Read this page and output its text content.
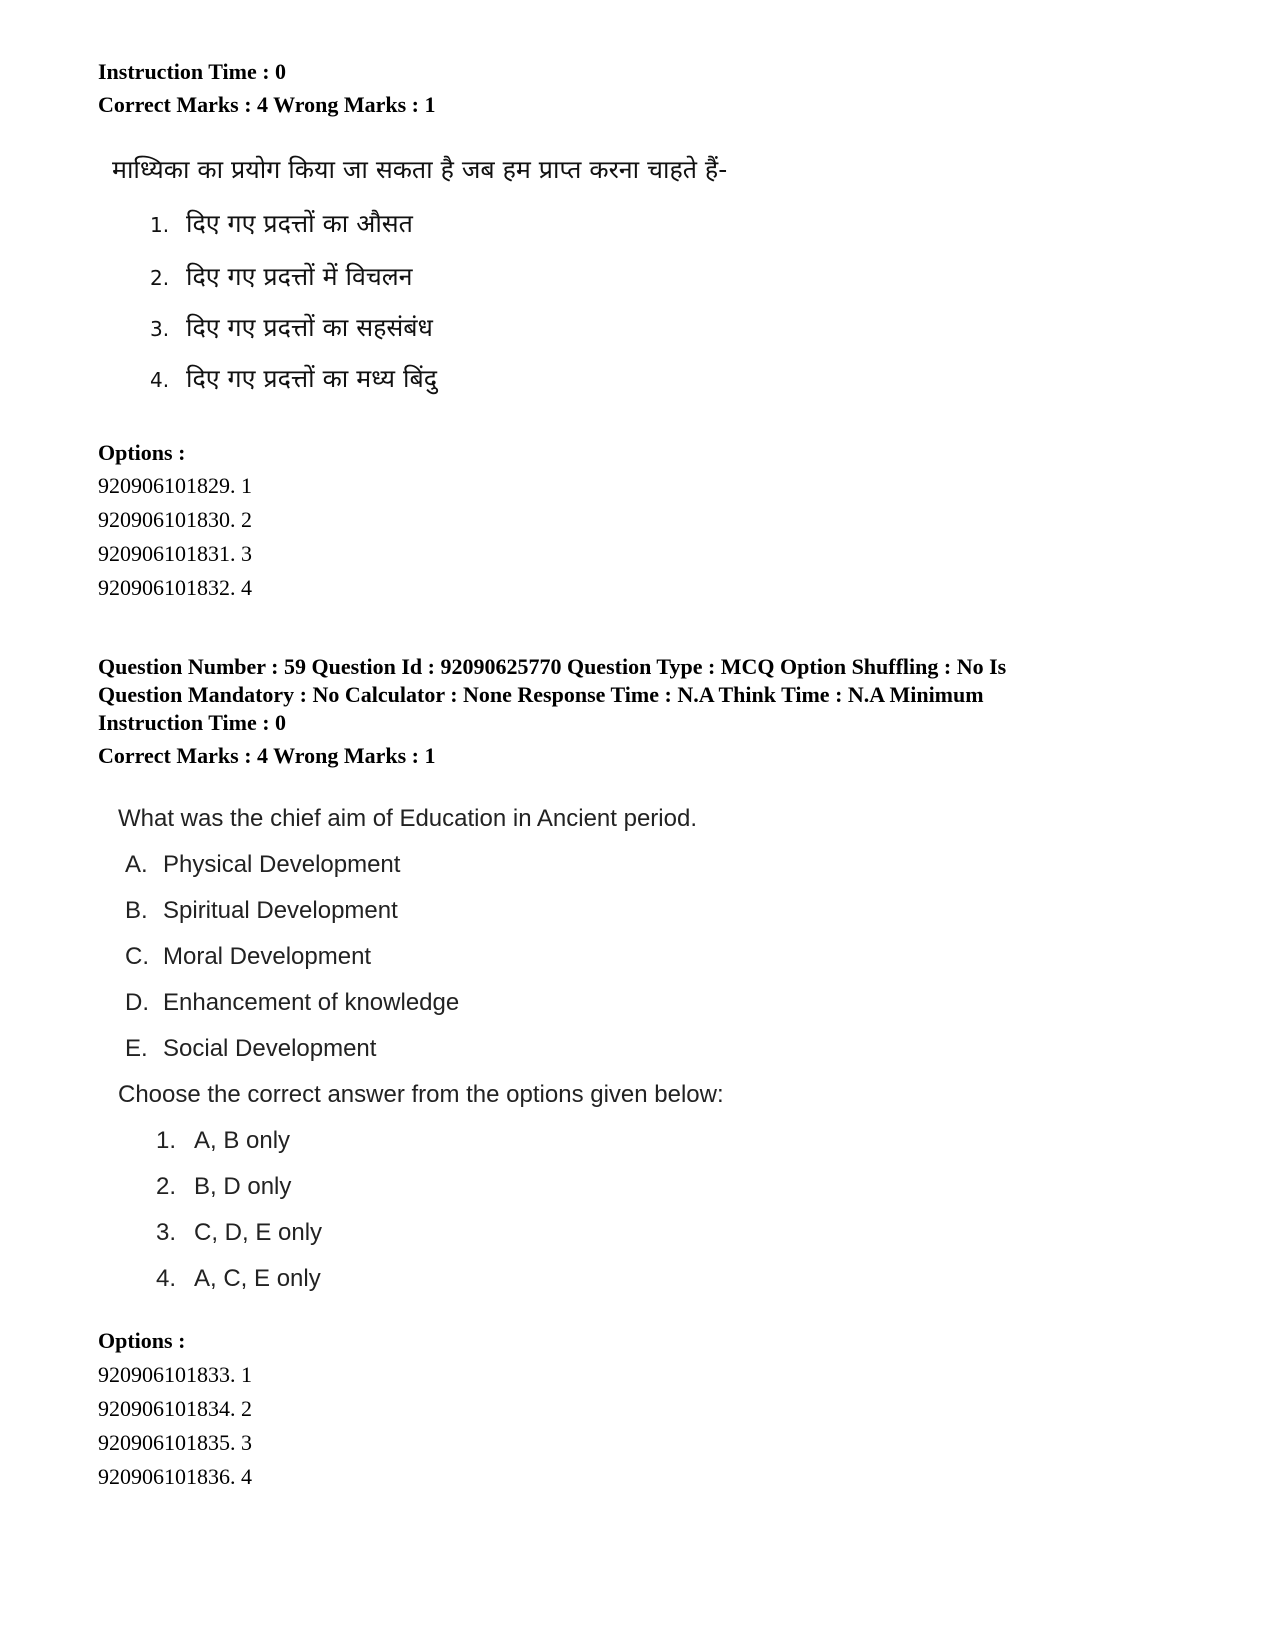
Instruction Time : 0
Correct Marks : 4 Wrong Marks : 1
माध्यिका का प्रयोग किया जा सकता है जब हम प्राप्त करना चाहते हैं-
1. दिए गए प्रदत्तों का औसत
2. दिए गए प्रदत्तों में विचलन
3. दिए गए प्रदत्तों का सहसंबंध
4. दिए गए प्रदत्तों का मध्य बिंदु
Options :
920906101829. 1
920906101830. 2
920906101831. 3
920906101832. 4
Question Number : 59 Question Id : 92090625770 Question Type : MCQ Option Shuffling : No Is
Question Mandatory : No Calculator : None Response Time : N.A Think Time : N.A Minimum
Instruction Time : 0
Correct Marks : 4 Wrong Marks : 1
What was the chief aim of Education in Ancient period.
A. Physical Development
B. Spiritual Development
C. Moral Development
D. Enhancement of knowledge
E. Social Development
Choose the correct answer from the options given below:
1. A, B only
2. B, D only
3. C, D, E only
4. A, C, E only
Options :
920906101833. 1
920906101834. 2
920906101835. 3
920906101836. 4
